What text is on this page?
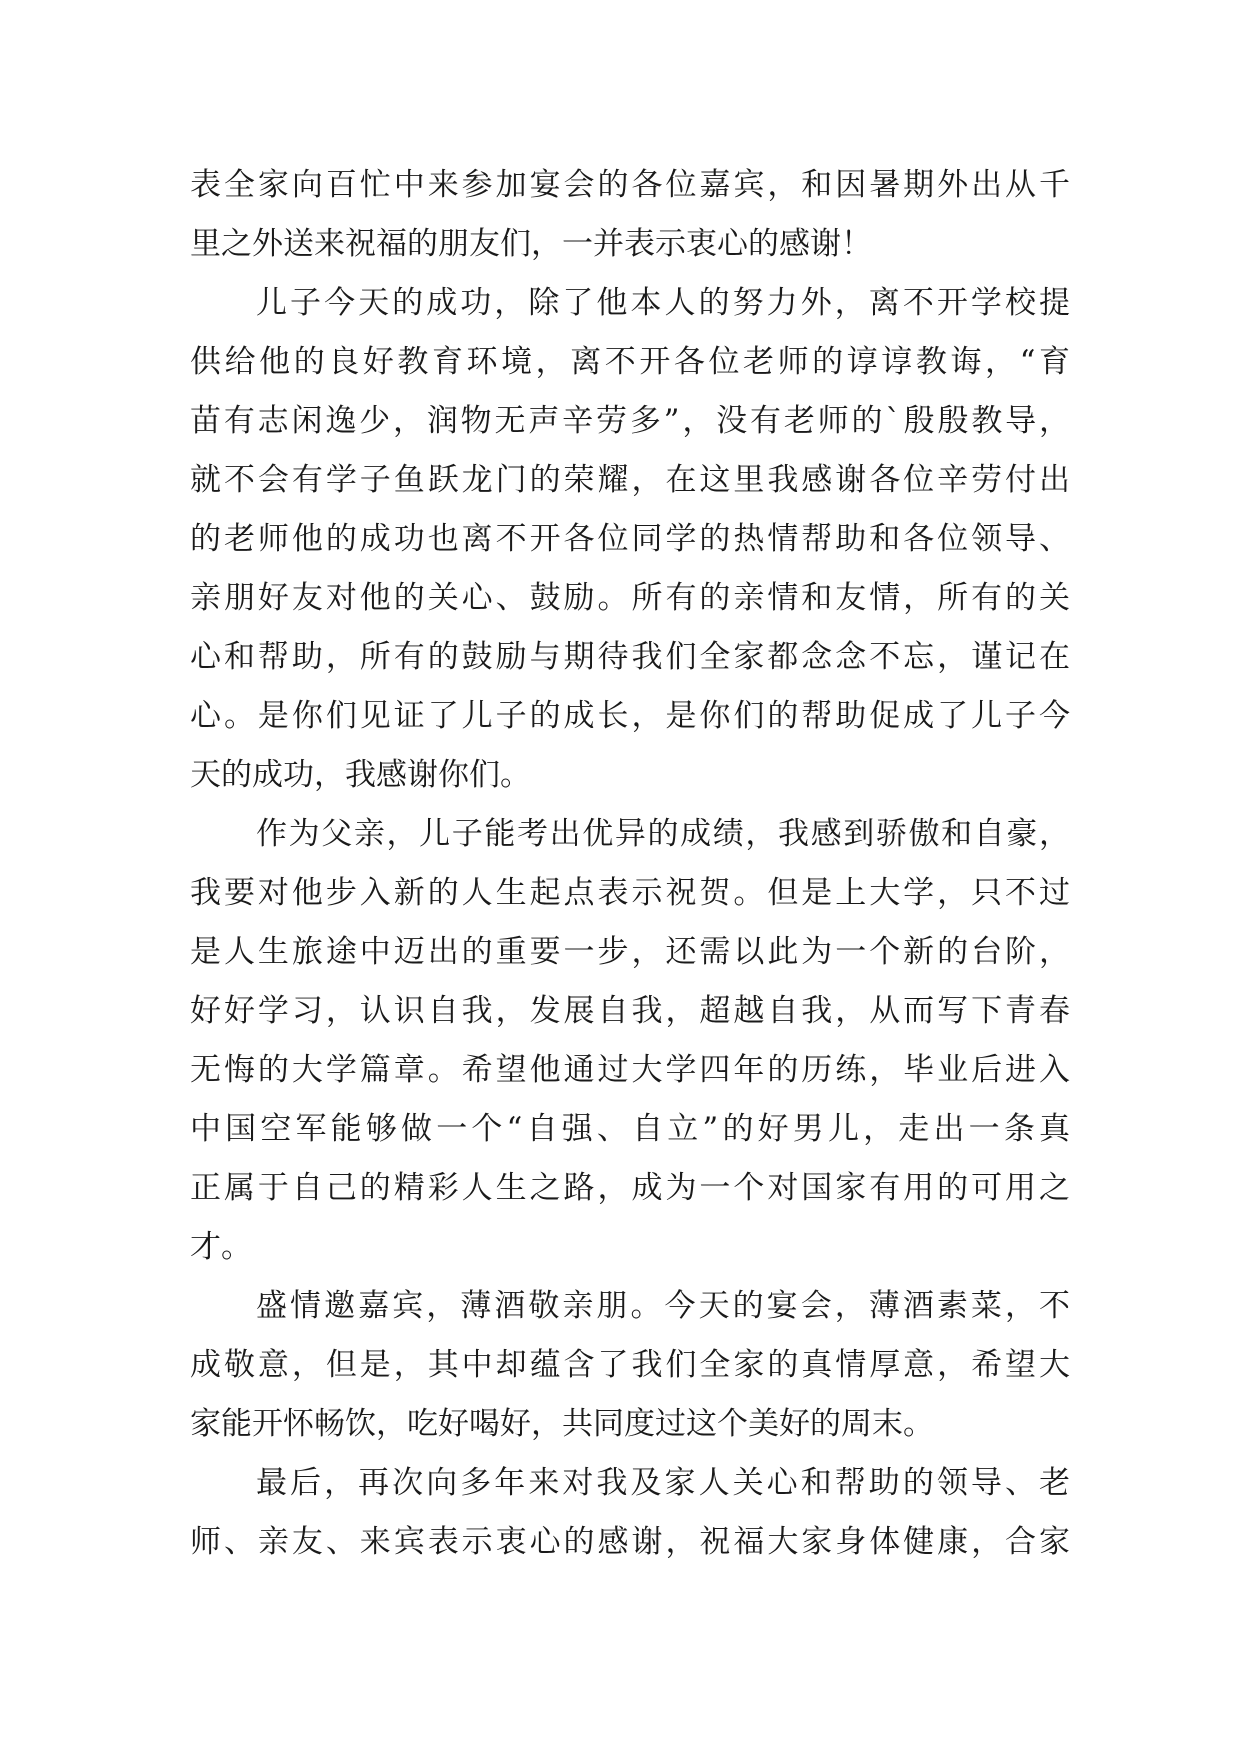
表全家向百忙中来参加宴会的各位嘉宾，和因暑期外出从千
里之外送来祝福的朋友们，一并表示衷心的感谢！
儿子今天的成功，除了他本人的努力外，离不开学校提
供给他的良好教育环境，离不开各位老师的谆谆教诲，“育
苗有志闲逸少，润物无声辛劳多”，没有老师的`殷殷教导，
就不会有学子鱼跃龙门的荣耀，在这里我感谢各位辛劳付出
的老师他的成功也离不开各位同学的热情帮助和各位领导、
亲朋好友对他的关心、鼓励。所有的亲情和友情，所有的关
心和帮助，所有的鼓励与期待我们全家都念念不忘，谨记在
心。是你们见证了儿子的成长，是你们的帮助促成了儿子今
天的成功，我感谢你们。
作为父亲，儿子能考出优异的成绩，我感到骄傲和自豪，
我要对他步入新的人生起点表示祝贺。但是上大学，只不过
是人生旅途中迈出的重要一步，还需以此为一个新的台阶，
好好学习，认识自我，发展自我，超越自我，从而写下青春
无悔的大学篇章。希望他通过大学四年的历练，毕业后进入
中国空军能够做一个“自强、自立”的好男儿，走出一条真
正属于自己的精彩人生之路，成为一个对国家有用的可用之
才。
盛情邀嘉宾，薄酒敬亲朋。今天的宴会，薄酒素菜，不
成敬意，但是，其中却蕴含了我们全家的真情厚意，希望大
家能开怀畅饮，吃好喝好，共同度过这个美好的周末。
最后，再次向多年来对我及家人关心和帮助的领导、老
师、亲友、来宾表示衷心的感谢，祝福大家身体健康，合家
